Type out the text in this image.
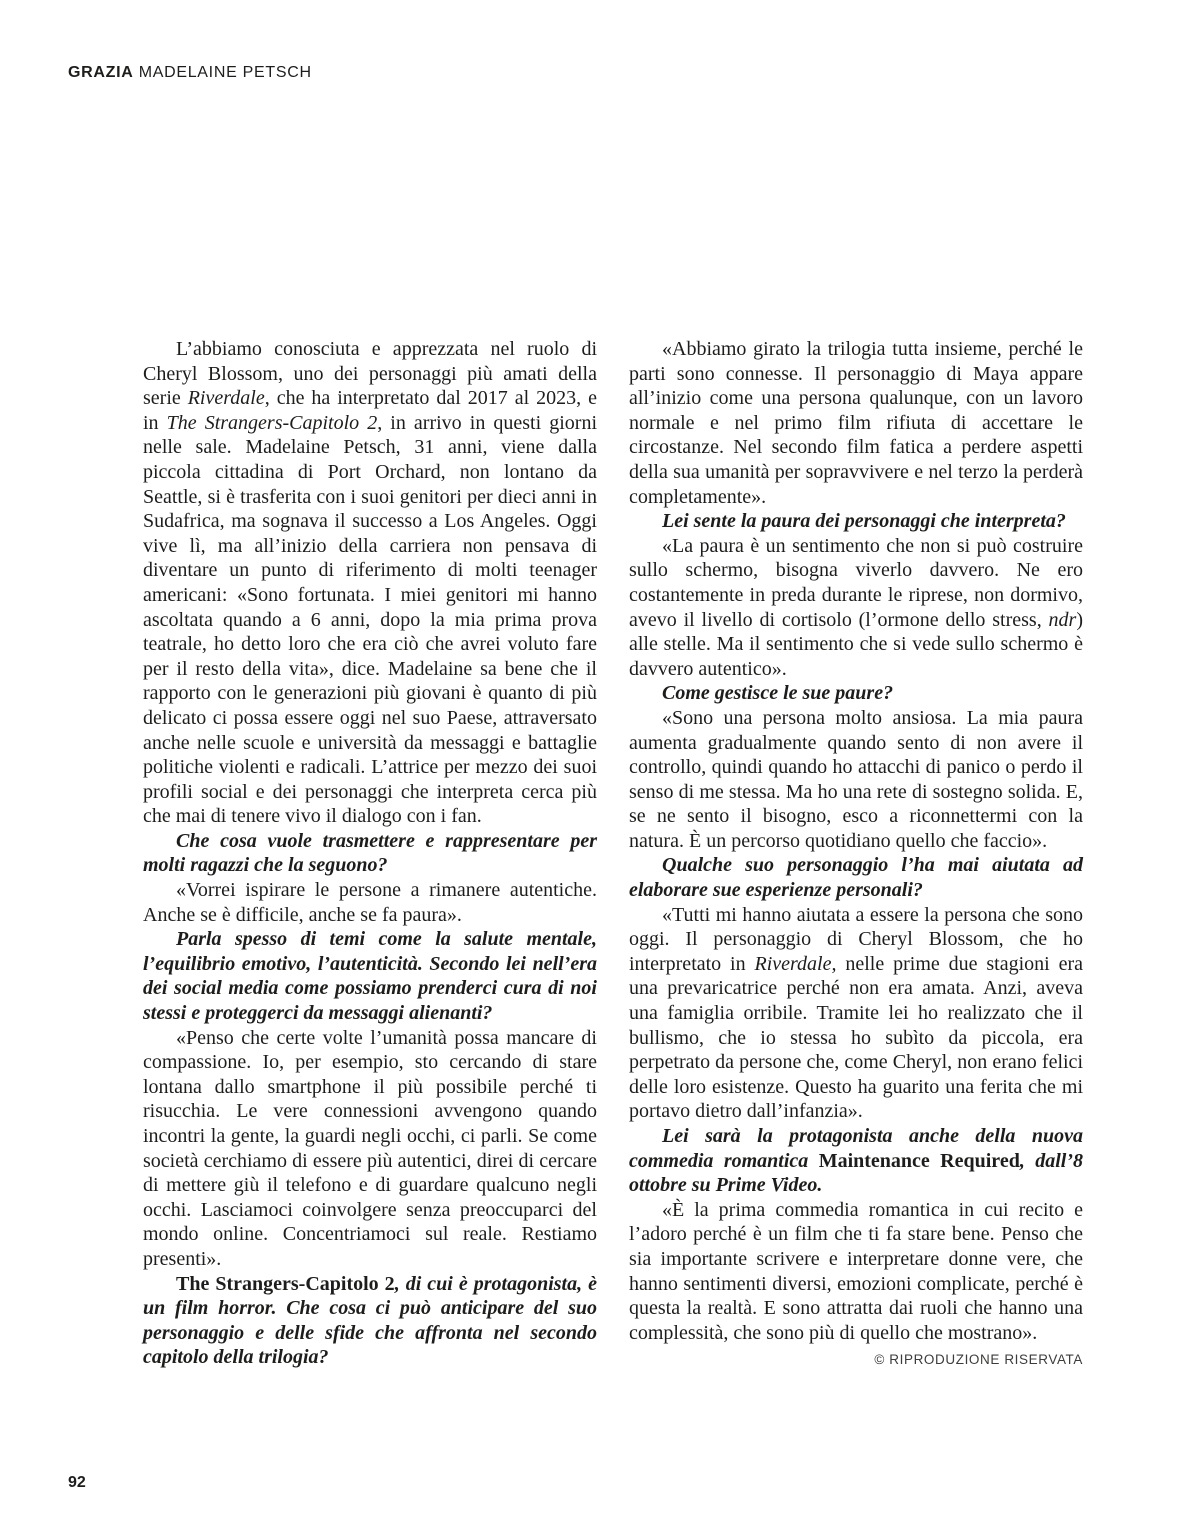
GRAZIA MADELAINE PETSCH

L’abbiamo conosciuta e apprezzata nel ruolo di Cheryl Blossom, uno dei personaggi più amati della serie Riverdale, che ha interpretato dal 2017 al 2023, e in The Strangers-Capitolo 2, in arrivo in questi giorni nelle sale. Madelaine Petsch, 31 anni, viene dalla piccola cittadina di Port Orchard, non lontano da Seattle, si è trasferita con i suoi genitori per dieci anni in Sudafrica, ma sognava il successo a Los Angeles. Oggi vive lì, ma all’inizio della carriera non pensava di diventare un punto di riferimento di molti teenager americani: «Sono fortunata. I miei genitori mi hanno ascoltata quando a 6 anni, dopo la mia prima prova teatrale, ho detto loro che era ciò che avrei voluto fare per il resto della vita», dice. Madelaine sa bene che il rapporto con le generazioni più giovani è quanto di più delicato ci possa essere oggi nel suo Paese, attraversato anche nelle scuole e università da messaggi e battaglie politiche violenti e radicali. L’attrice per mezzo dei suoi profili social e dei personaggi che interpreta cerca più che mai di tenere vivo il dialogo con i fan.

Che cosa vuole trasmettere e rappresentare per molti ragazzi che la seguono?

«Vorrei ispirare le persone a rimanere autentiche. Anche se è difficile, anche se fa paura».

Parla spesso di temi come la salute mentale, l’equilibrio emotivo, l’autenticità. Secondo lei nell’era dei social media come possiamo prenderci cura di noi stessi e proteggerci da messaggi alienanti?

«Penso che certe volte l’umanità possa mancare di compassione. Io, per esempio, sto cercando di stare lontana dallo smartphone il più possibile perché ti risucchia. Le vere connessioni avvengono quando incontri la gente, la guardi negli occhi, ci parli. Se come società cerchiamo di essere più autentici, direi di cercare di mettere giù il telefono e di guardare qualcuno negli occhi. Lasciamoci coinvolgere senza preoccuparci del mondo online. Concentriamoci sul reale. Restiamo presenti».

The Strangers-Capitolo 2, di cui è protagonista, è un film horror. Che cosa ci può anticipare del suo personaggio e delle sfide che affronta nel secondo capitolo della trilogia?

«Abbiamo girato la trilogia tutta insieme, perché le parti sono connesse. Il personaggio di Maya appare all’inizio come una persona qualunque, con un lavoro normale e nel primo film rifiuta di accettare le circostanze. Nel secondo film fatica a perdere aspetti della sua umanità per sopravvivere e nel terzo la perderà completamente».

Lei sente la paura dei personaggi che interpreta?

«La paura è un sentimento che non si può costruire sullo schermo, bisogna viverlo davvero. Ne ero costantemente in preda durante le riprese, non dormivo, avevo il livello di cortisolo (l’ormone dello stress, ndr) alle stelle. Ma il sentimento che si vede sullo schermo è davvero autentico».

Come gestisce le sue paure?

«Sono una persona molto ansiosa. La mia paura aumenta gradualmente quando sento di non avere il controllo, quindi quando ho attacchi di panico o perdo il senso di me stessa. Ma ho una rete di sostegno solida. E, se ne sento il bisogno, esco a riconnettermi con la natura. È un percorso quotidiano quello che faccio».

Qualche suo personaggio l’ha mai aiutata ad elaborare sue esperienze personali?

«Tutti mi hanno aiutata a essere la persona che sono oggi. Il personaggio di Cheryl Blossom, che ho interpretato in Riverdale, nelle prime due stagioni era una prevaricatrice perché non era amata. Anzi, aveva una famiglia orribile. Tramite lei ho realizzato che il bullismo, che io stessa ho subìto da piccola, era perpetrato da persone che, come Cheryl, non erano felici delle loro esistenze. Questo ha guarito una ferita che mi portavo dietro dall’infanzia».

Lei sarà la protagonista anche della nuova commedia romantica Maintenance Required, dall’8 ottobre su Prime Video.

«È la prima commedia romantica in cui recito e l’adoro perché è un film che ti fa stare bene. Penso che sia importante scrivere e interpretare donne vere, che hanno sentimenti diversi, emozioni complicate, perché è questa la realtà. E sono attratta dai ruoli che hanno una complessità, che sono più di quello che mostrano».

© RIPRODUZIONE RISERVATA
92
